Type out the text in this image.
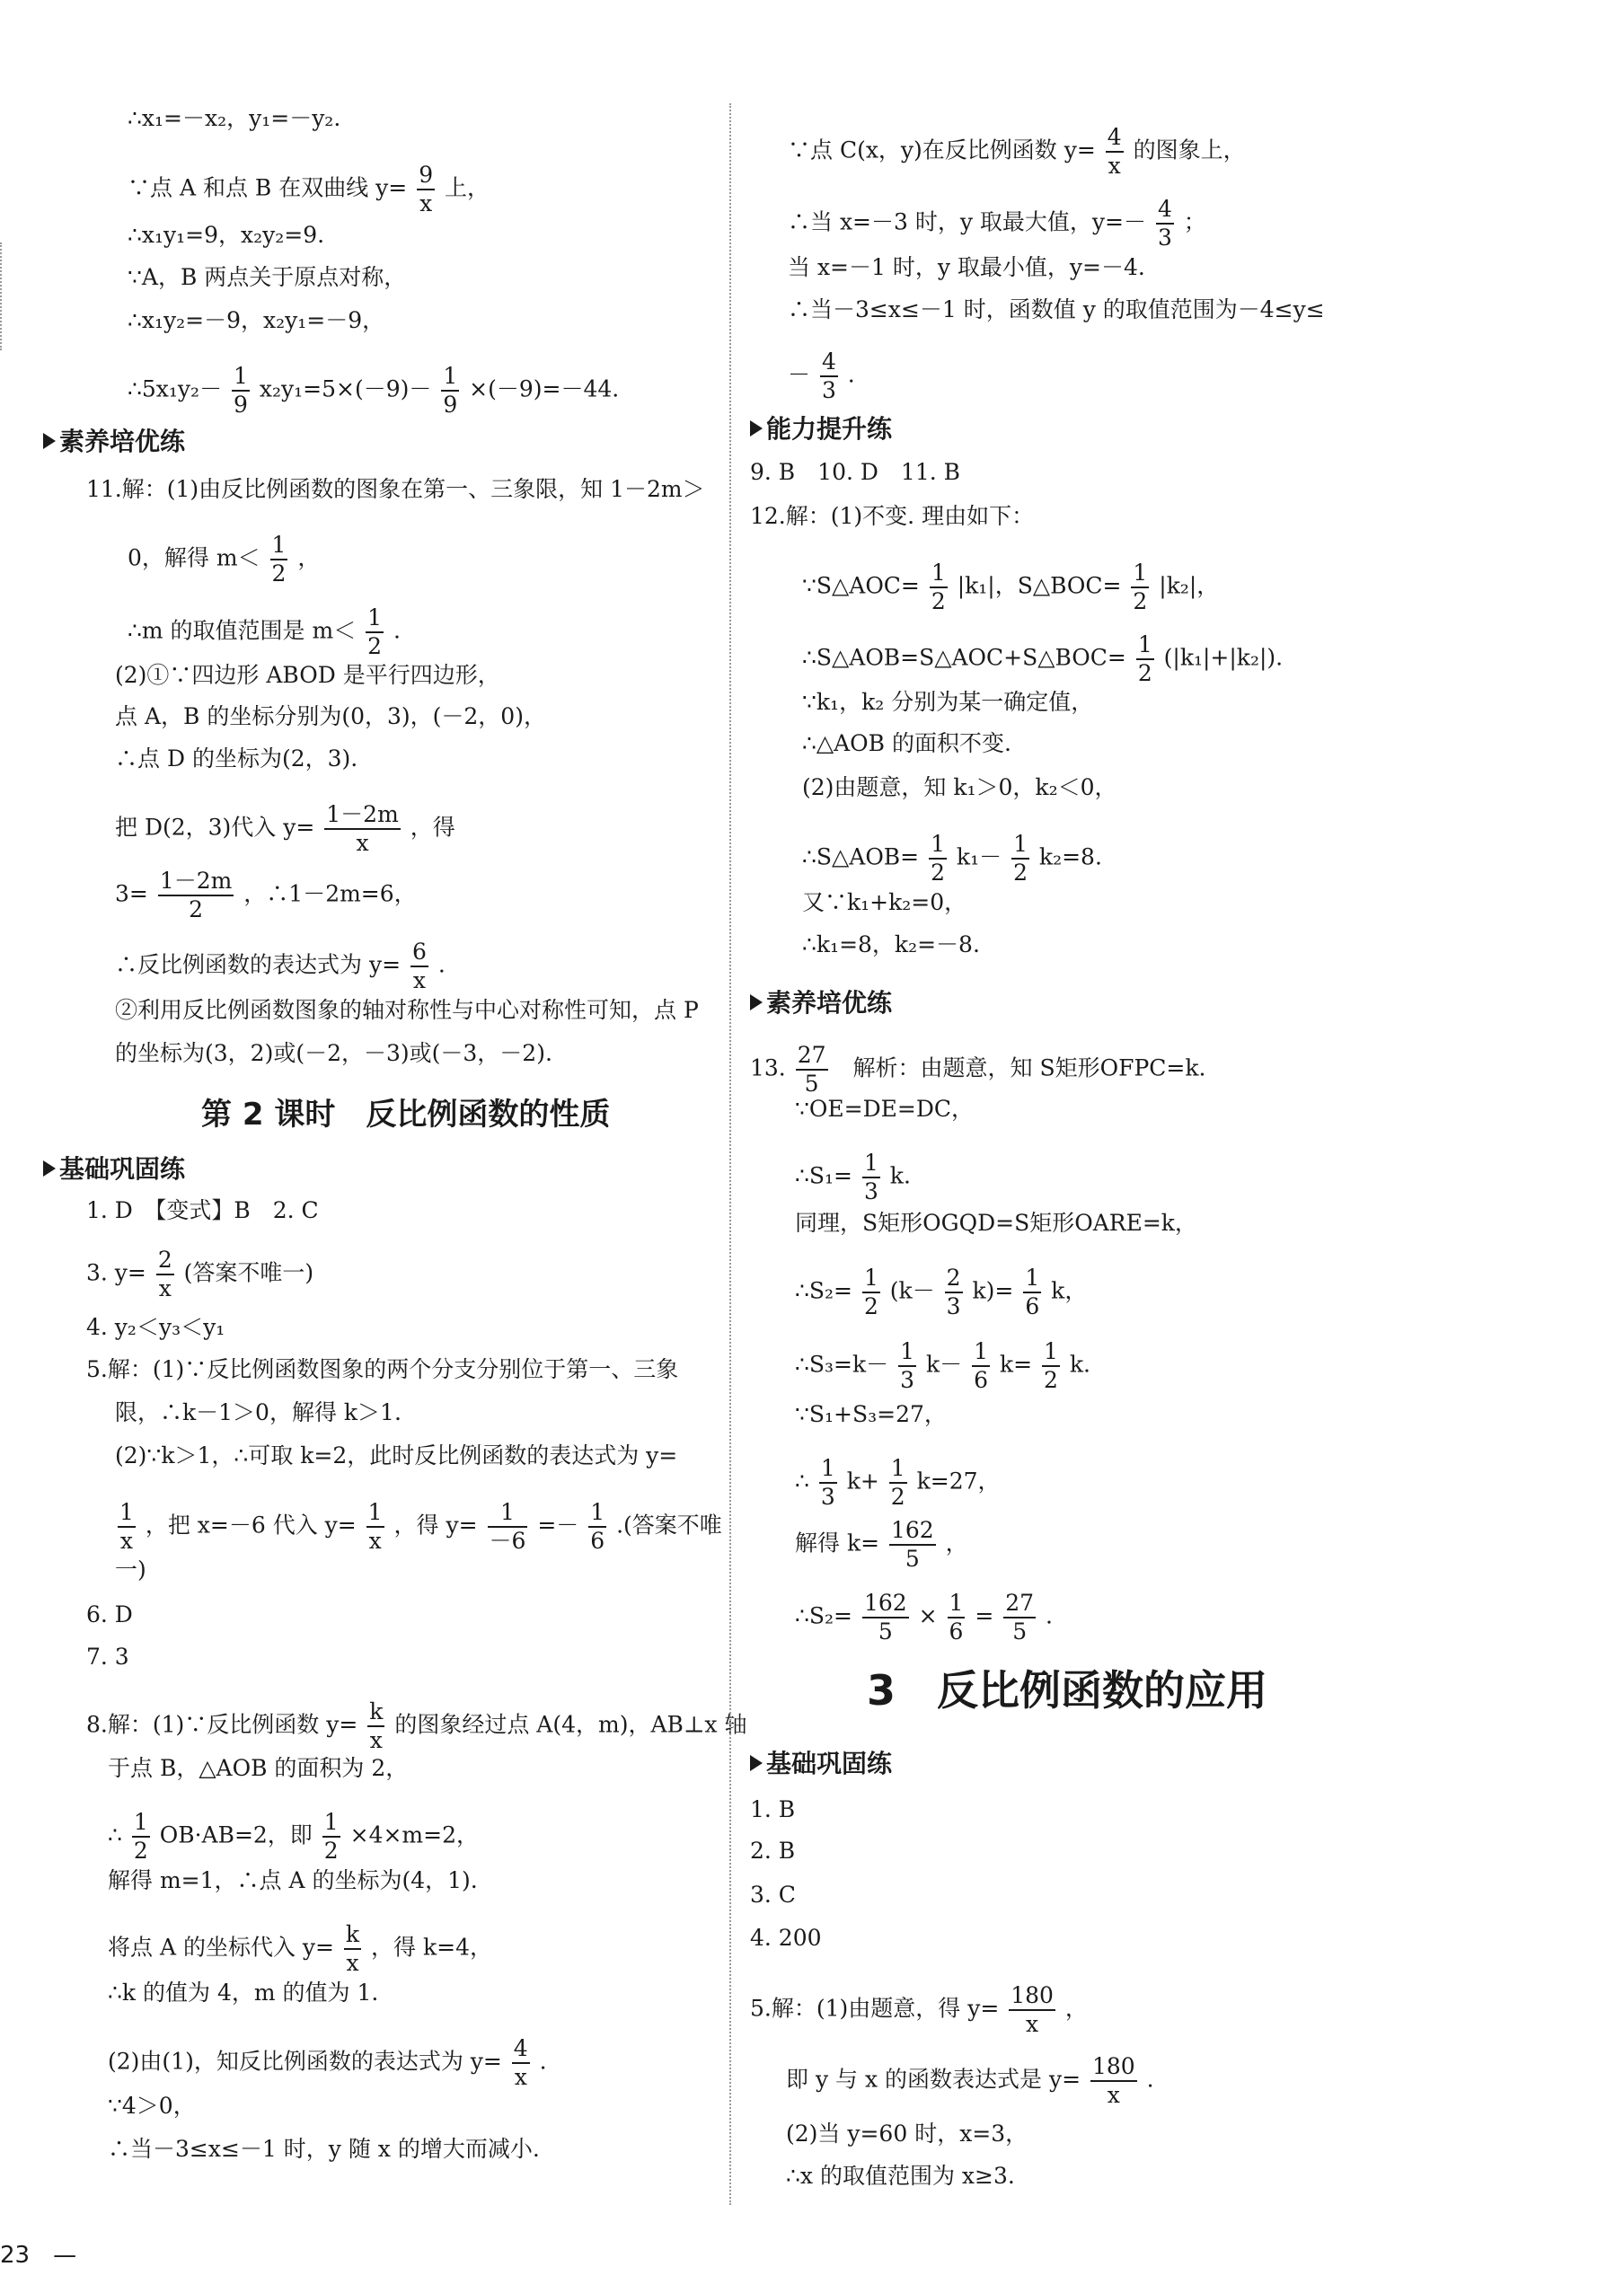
∴x₁=－x₂，y₁=－y₂.
∵点 A 和点 B 在双曲线 $y= \frac{9}{x}$ 上，
∴x₁y₁=9，x₂y₂=9.
∵A，B 两点关于原点对称，
∴x₁y₂=－9，x₂y₁=－9，
∴5x₁y₂－ $\frac{1}{9} x_2y_1=5\times(-9)- \frac{1}{9} \times(-9)=-44$.
素养培优练
11.解：(1)由反比例函数的图象在第一、三象限，知 1－2m＞
0，解得 $m< \frac{1}{2}$ ，
∴m 的取值范围是 $m< \frac{1}{2}$ .
(2)①∵四边形 ABOD 是平行四边形，
点 A，B 的坐标分别为(0，3)，(－2，0)，
∴点 D 的坐标为(2，3).
把 D(2，3)代入 $y= \frac{1-2m}{x}$ ，得
$3= \frac{1-2m}{2}$ ，∴1－2m=6，
∴反比例函数的表达式为 $y= \frac{6}{x}$ .
②利用反比例函数图象的轴对称性与中心对称性可知，点 P
的坐标为(3，2)或(－2，－3)或(－3，－2).
第 2 课时　反比例函数的性质
基础巩固练
1. D　【变式】B　2. C
3. $y= \frac{2}{x}$ (答案不唯一)
4. y₂＜y₃＜y₁
5.解：(1)∵反比例函数图象的两个分支分别位于第一、三象
限，∴k－1＞0，解得 k＞1.
(2)∵k＞1，∴可取 k=2，此时反比例函数的表达式为 y=
$\frac{1}{x}$ ，把 x=－6 代入 $y= \frac{1}{x}$ ，得 $y= \frac{1}{-6} =- \frac{1}{6}$ .(答案不唯
一)
6. D
7. 3
8.解：(1)∵反比例函数 $y= \frac{k}{x}$ 的图象经过点 A(4，m)，AB⊥x 轴
于点 B，△AOB 的面积为 2，
∴ $\frac{1}{2} OB\cdot AB=2$，即 $\frac{1}{2} \times 4\times m=2$，
解得 m=1，∴点 A 的坐标为(4，1).
将点 A 的坐标代入 $y= \frac{k}{x}$ ，得 k=4，
∴k 的值为 4，m 的值为 1.
(2)由(1)，知反比例函数的表达式为 $y= \frac{4}{x}$ .
∵4＞0，
∴当－3≤x≤－1 时，y 随 x 的增大而减小.
∵点 C(x，y)在反比例函数 $y= \frac{4}{x}$ 的图象上，
∴当 x=－3 时，y 取最大值，$y=- \frac{4}{3}$ ；
当 x=－1 时，y 取最小值，y=－4.
∴当－3≤x≤－1 时，函数值 y 的取值范围为－4≤y≤
－ $\frac{4}{3}$ .
能力提升练
9. B　10. D　11. B
12.解：(1)不变. 理由如下：
∵S△AOC= $\frac{1}{2} |k_1|$，S△BOC= $\frac{1}{2} |k_2|$，
∴S△AOB=S△AOC+S△BOC= $\frac{1}{2} (|k_1|+|k_2|)$.
∵k₁，k₂ 分别为某一确定值，
∴△AOB 的面积不变.
(2)由题意，知 k₁＞0，k₂＜0，
∴S△AOB= $\frac{1}{2} k_1- \frac{1}{2} k_2=8$.
又∵k₁+k₂=0，
∴k₁=8，k₂=－8.
素养培优练
13. $\frac{27}{5}$ 　解析：由题意，知 S矩形OFPC=k.
∵OE=DE=DC，
∴S₁= $\frac{1}{3} k$.
同理，S矩形OGQD=S矩形OARE=k，
∴S₂= $\frac{1}{2} (k- \frac{2}{3} k)= \frac{1}{6}$ k，
∴S₃=k－ $\frac{1}{3} k- \frac{1}{6} k= \frac{1}{2} k$.
∵S₁+S₃=27，
∴ $\frac{1}{3} k+ \frac{1}{2} k=27$，
解得 $k= \frac{162}{5}$ ，
∴S₂= $\frac{162}{5} \times \frac{1}{6} = \frac{27}{5}$ .
3　反比例函数的应用
基础巩固练
1. B
2. B
3. C
4. 200
5.解：(1)由题意，得 $y= \frac{180}{x}$ ，
即 y 与 x 的函数表达式是 $y= \frac{180}{x}$ .
(2)当 y=60 时，x=3，
∴x 的取值范围为 x≥3.
23　—
